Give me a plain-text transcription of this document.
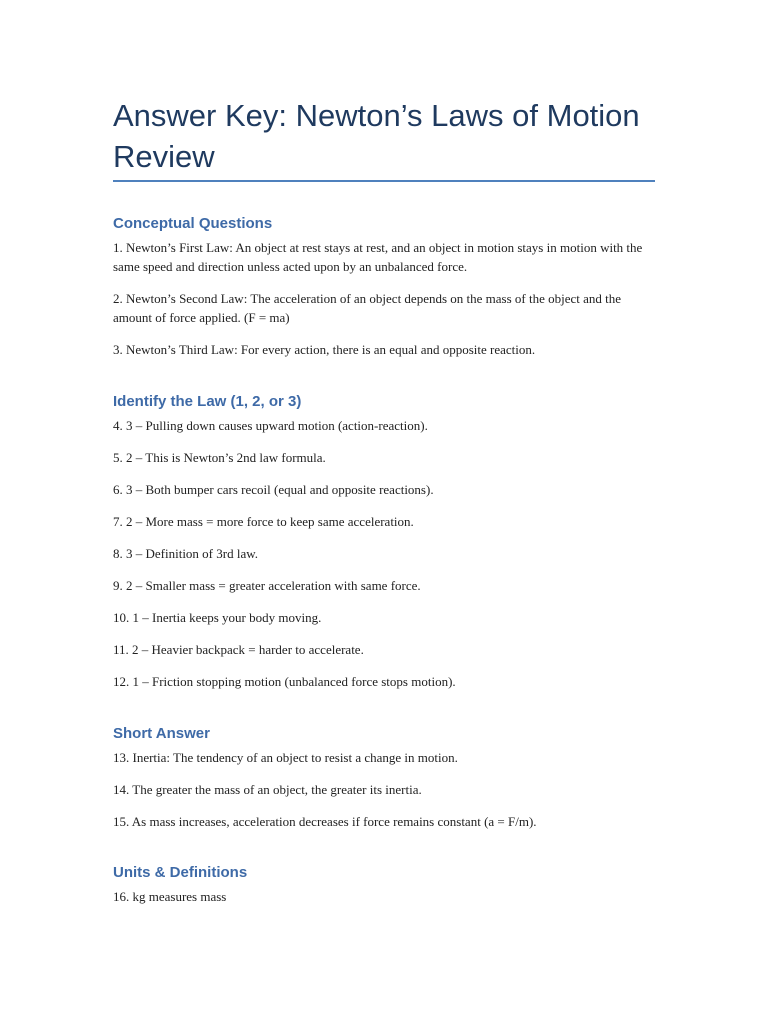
Answer Key: Newton’s Laws of Motion Review
Conceptual Questions

1. Newton’s First Law: An object at rest stays at rest, and an object in motion stays in motion with the same speed and direction unless acted upon by an unbalanced force.

2. Newton’s Second Law: The acceleration of an object depends on the mass of the object and the amount of force applied. (F = ma)

3. Newton’s Third Law: For every action, there is an equal and opposite reaction.

Identify the Law (1, 2, or 3)

4. 3 – Pulling down causes upward motion (action-reaction).

5. 2 – This is Newton’s 2nd law formula.

6. 3 – Both bumper cars recoil (equal and opposite reactions).

7. 2 – More mass = more force to keep same acceleration.

8. 3 – Definition of 3rd law.

9. 2 – Smaller mass = greater acceleration with same force.

10. 1 – Inertia keeps your body moving.

11. 2 – Heavier backpack = harder to accelerate.

12. 1 – Friction stopping motion (unbalanced force stops motion).

Short Answer

13. Inertia: The tendency of an object to resist a change in motion.

14. The greater the mass of an object, the greater its inertia.

15. As mass increases, acceleration decreases if force remains constant (a = F/m).

Units & Definitions

16. kg measures mass
